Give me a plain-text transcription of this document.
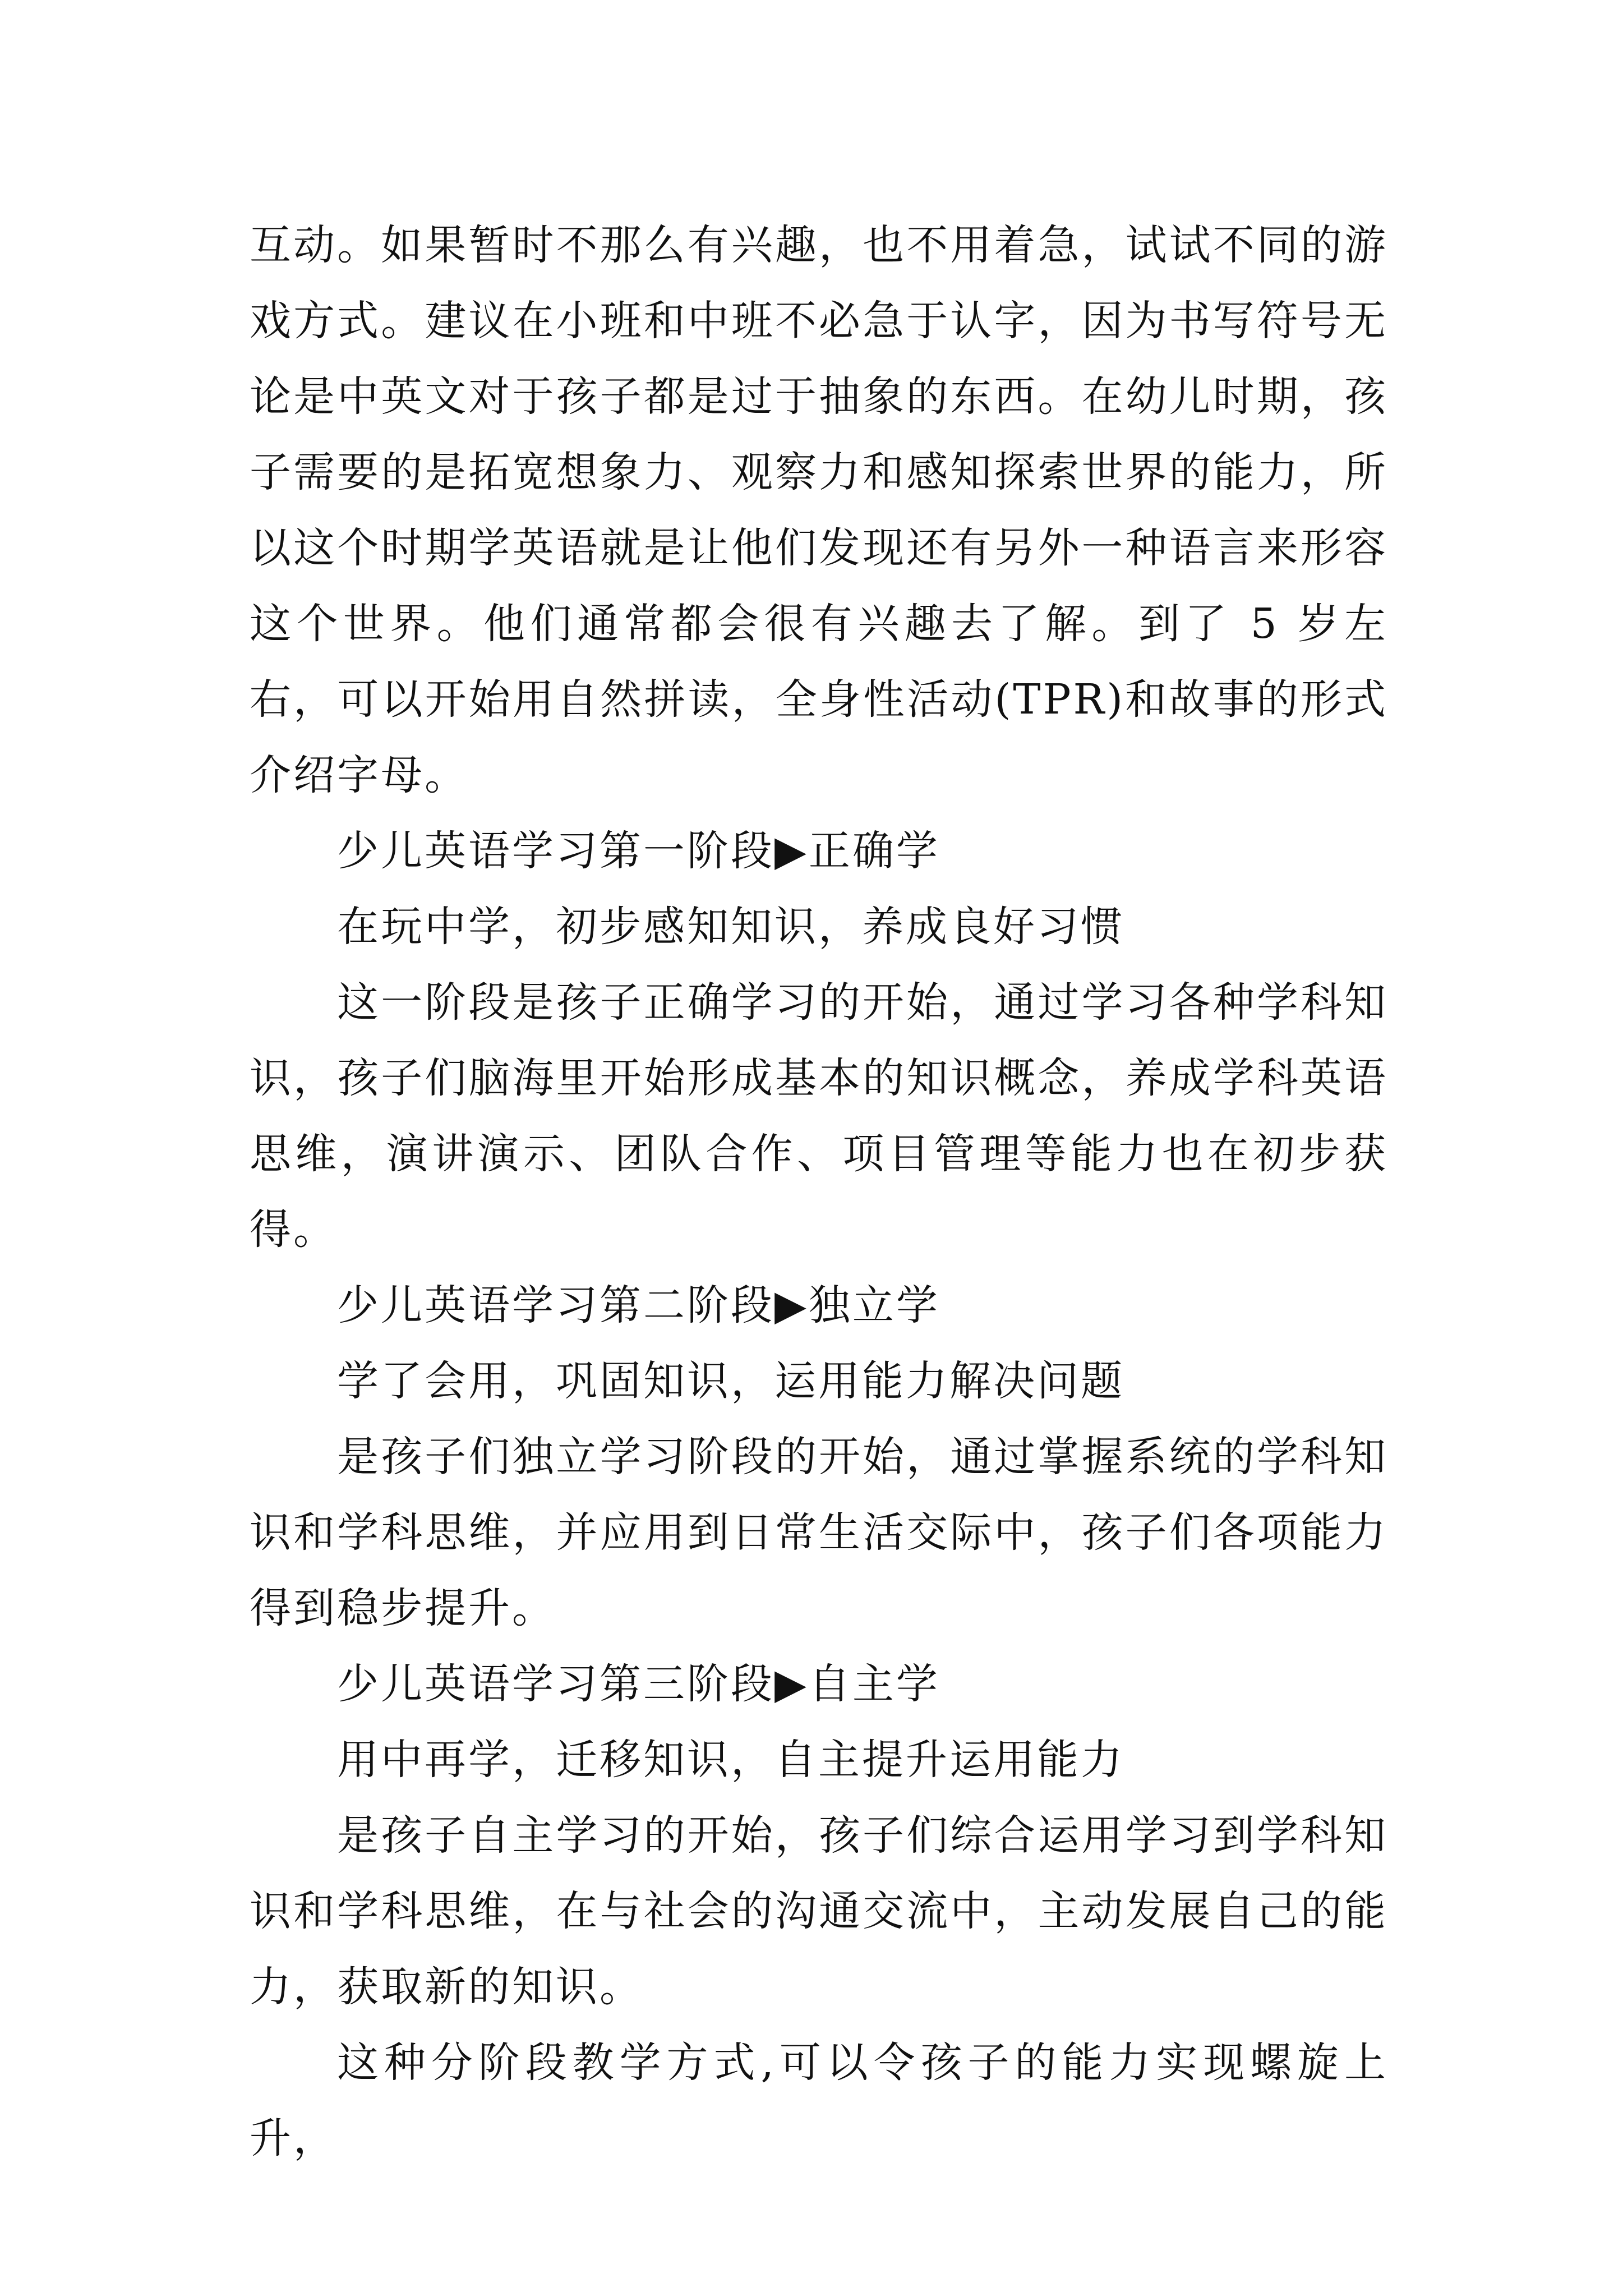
互动。如果暂时不那么有兴趣，也不用着急，试试不同的游戏方式。建议在小班和中班不必急于认字，因为书写符号无论是中英文对于孩子都是过于抽象的东西。在幼儿时期，孩子需要的是拓宽想象力、观察力和感知探索世界的能力，所以这个时期学英语就是让他们发现还有另外一种语言来形容这个世界。他们通常都会很有兴趣去了解。到了 5 岁左右，可以开始用自然拼读，全身性活动(TPR)和故事的形式介绍字母。

少儿英语学习第一阶段▶正确学

在玩中学，初步感知知识，养成良好习惯

这一阶段是孩子正确学习的开始，通过学习各种学科知识，孩子们脑海里开始形成基本的知识概念，养成学科英语思维，演讲演示、团队合作、项目管理等能力也在初步获得。

少儿英语学习第二阶段▶独立学

学了会用，巩固知识，运用能力解决问题

是孩子们独立学习阶段的开始，通过掌握系统的学科知识和学科思维，并应用到日常生活交际中，孩子们各项能力得到稳步提升。

少儿英语学习第三阶段▶自主学

用中再学，迁移知识，自主提升运用能力

是孩子自主学习的开始，孩子们综合运用学习到学科知识和学科思维，在与社会的沟通交流中，主动发展自己的能力，获取新的知识。

这种分阶段教学方式,可以令孩子的能力实现螺旋上升，
